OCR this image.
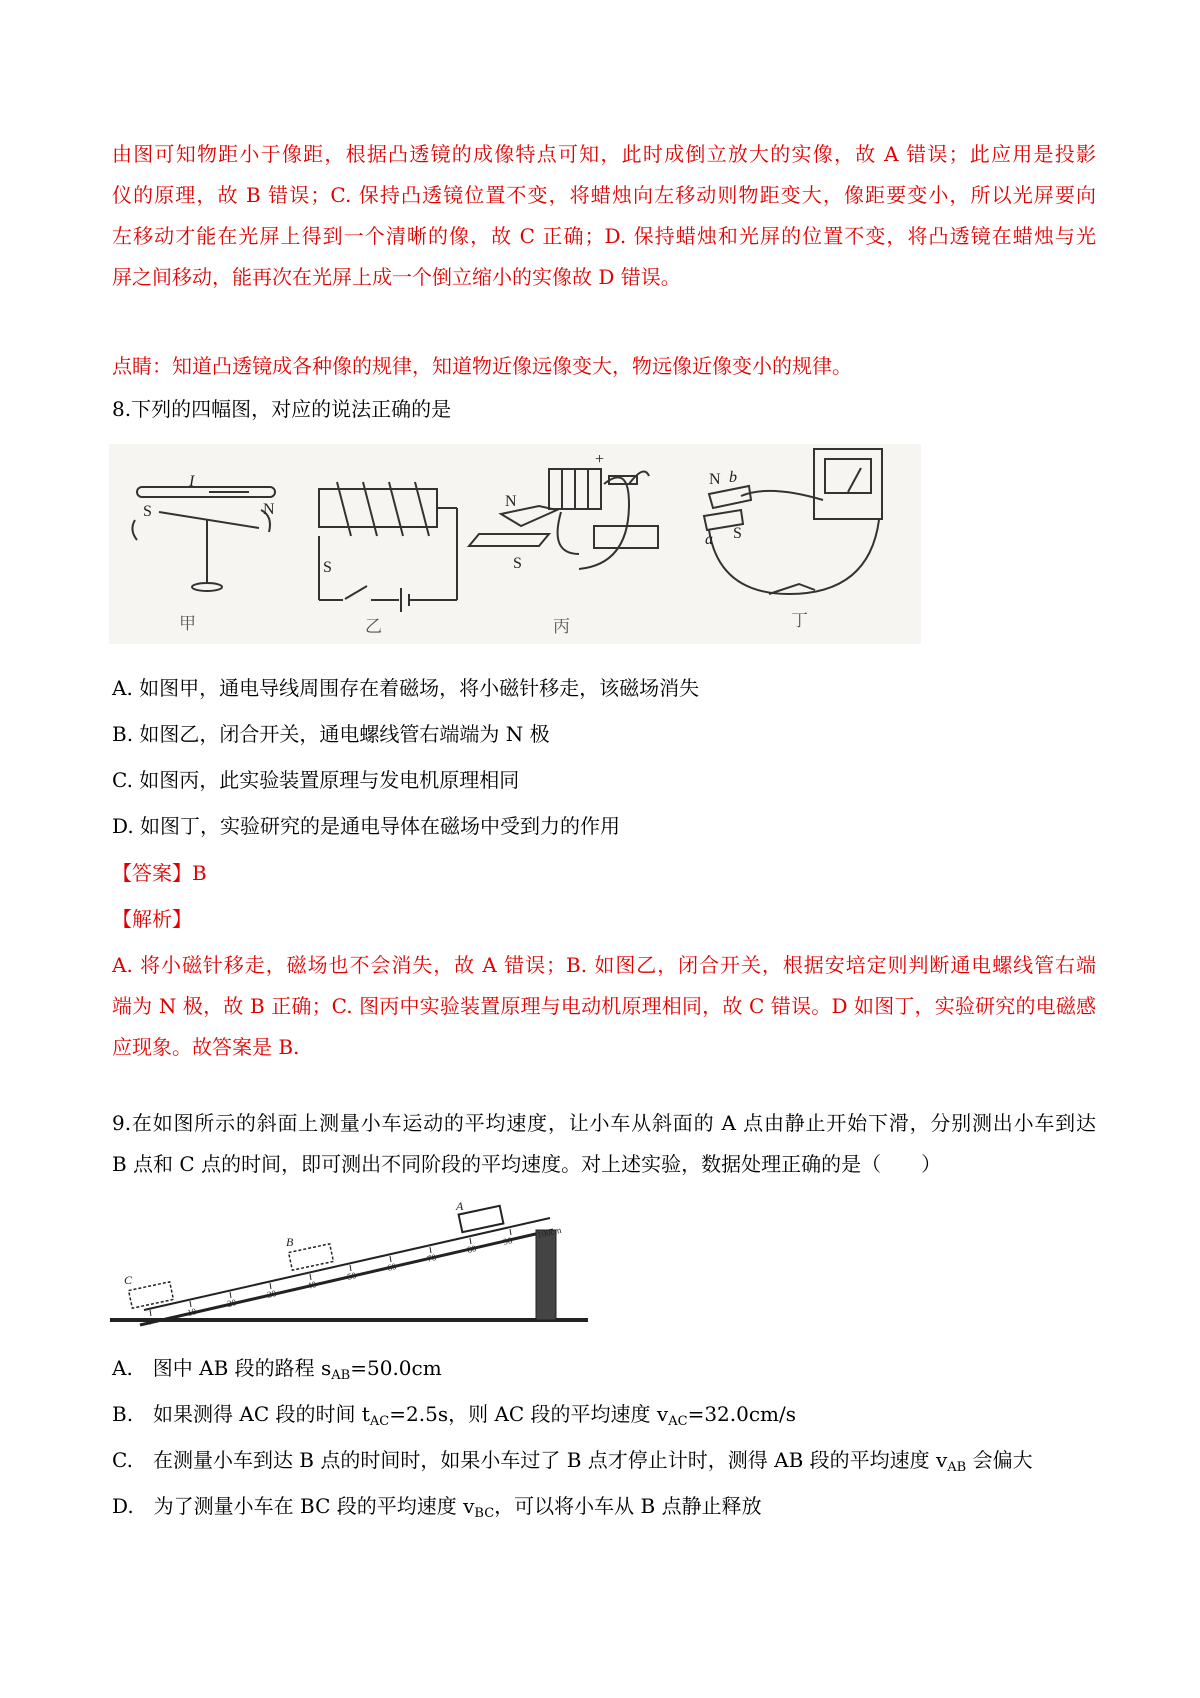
由图可知物距小于像距，根据凸透镜的成像特点可知，此时成倒立放大的实像，故 A 错误；此应用是投影
仪的原理，故 B 错误；C. 保持凸透镜位置不变，将蜡烛向左移动则物距变大，像距要变小，所以光屏要向
左移动才能在光屏上得到一个清晰的像，故 C 正确；D. 保持蜡烛和光屏的位置不变，将凸透镜在蜡烛与光
屏之间移动，能再次在光屏上成一个倒立缩小的实像故 D 错误。

点睛：知道凸透镜成各种像的规律，知道物近像远像变大，物远像近像变小的规律。

8.下列的四幅图，对应的说法正确的是

I
S	N
S
+
N
S
b
N
S
a
甲	乙	丙	丁

A. 如图甲，通电导线周围存在着磁场，将小磁针移走，该磁场消失

B. 如图乙，闭合开关，通电螺线管右端端为 N 极

C. 如图丙，此实验装置原理与发电机原理相同

D. 如图丁，实验研究的是通电导体在磁场中受到力的作用

【答案】B

【解析】

A. 将小磁针移走，磁场也不会消失，故 A 错误；B. 如图乙，闭合开关，根据安培定则判断通电螺线管右端
端为 N 极，故 B 正确；C. 图丙中实验装置原理与电动机原理相同，故 C 错误。D 如图丁，实验研究的电磁感
应现象。故答案是 B.
9.在如图所示的斜面上测量小车运动的平均速度，让小车从斜面的 A 点由静止开始下滑，分别测出小车到达
B 点和 C 点的时间，即可测出不同阶段的平均速度。对上述实验，数据处理正确的是（　　）
0
10
20
30
40
50
60
70
80
90
100cm
A
B
C

A.　图中 AB 段的路程 $s_{AB}=50.0cm$

B.　如果测得 AC 段的时间 $t_{AC}=2.5s$，则 AC 段的平均速度 $v_{AC}=32.0cm/s$

C.　在测量小车到达 B 点的时间时，如果小车过了 B 点才停止计时，测得 AB 段的平均速度 $v_{AB}$ 会偏大

D.　为了测量小车在 BC 段的平均速度 $v_{BC}$，可以将小车从 B 点静止释放
